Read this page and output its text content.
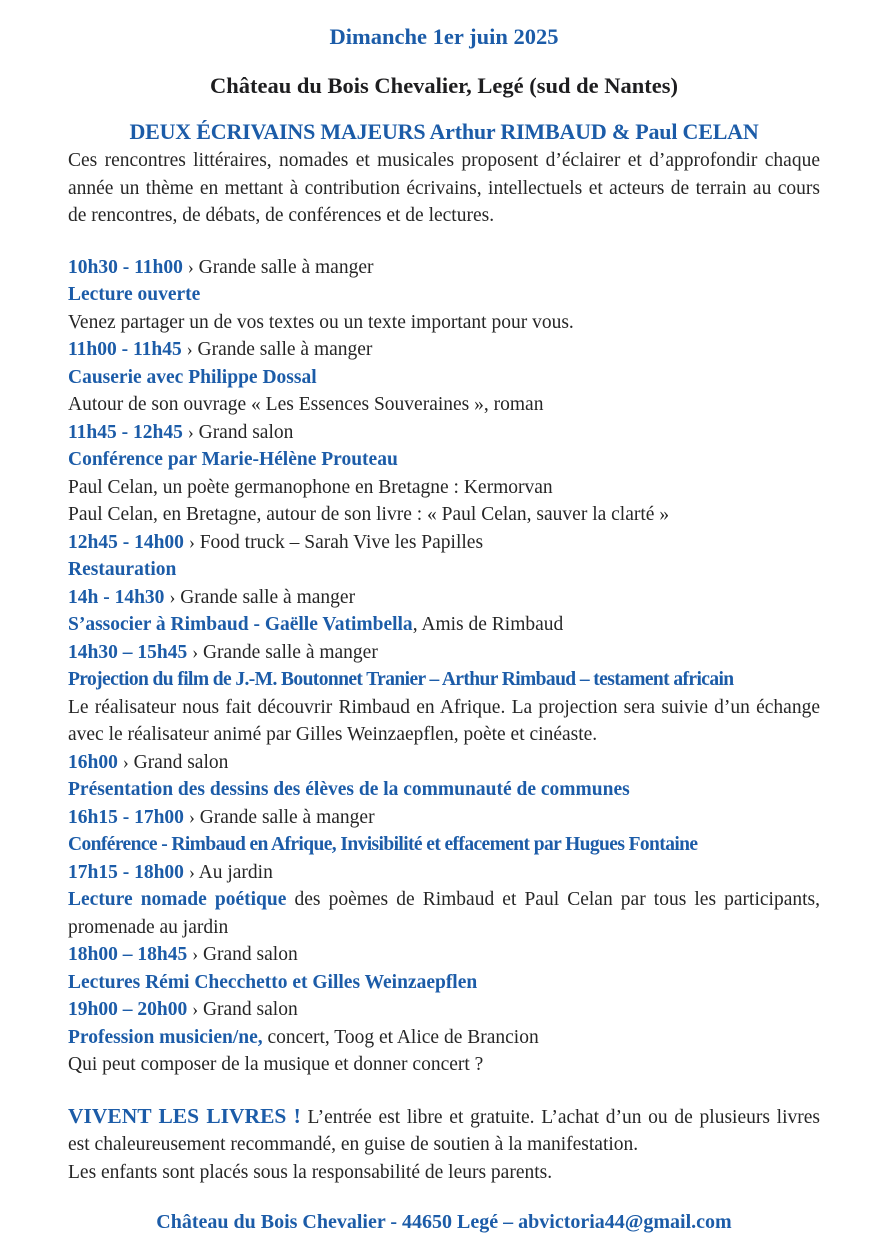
Dimanche 1er juin 2025
Château du Bois Chevalier, Legé (sud de Nantes)
DEUX ÉCRIVAINS MAJEURS Arthur RIMBAUD & Paul CELAN

Ces rencontres littéraires, nomades et musicales proposent d’éclairer et d’approfondir chaque année un thème en mettant à contribution écrivains, intellectuels et acteurs de terrain au cours de rencontres, de débats, de conférences et de lectures.

10h30 - 11h00 › Grande salle à manger

Lecture ouverte

Venez partager un de vos textes ou un texte important pour vous.

11h00 - 11h45 › Grande salle à manger

Causerie avec Philippe Dossal

Autour de son ouvrage « Les Essences Souveraines », roman

11h45 - 12h45 › Grand salon

Conférence par Marie-Hélène Prouteau

Paul Celan, un poète germanophone en Bretagne : Kermorvan

Paul Celan, en Bretagne, autour de son livre : « Paul Celan, sauver la clarté »

12h45 - 14h00 › Food truck – Sarah Vive les Papilles

Restauration

14h - 14h30 › Grande salle à manger

S’associer à Rimbaud - Gaëlle Vatimbella, Amis de Rimbaud

14h30 – 15h45 › Grande salle à manger

Projection du film de J.-M. Boutonnet Tranier – Arthur Rimbaud – testament africain

Le réalisateur nous fait découvrir Rimbaud en Afrique. La projection sera suivie d’un échange avec le réalisateur animé par Gilles Weinzaepflen, poète et cinéaste.

16h00 › Grand salon

Présentation des dessins des élèves de la communauté de communes

16h15 - 17h00 › Grande salle à manger

Conférence - Rimbaud en Afrique, Invisibilité et effacement par Hugues Fontaine

17h15 - 18h00 › Au jardin

Lecture nomade poétique des poèmes de Rimbaud et Paul Celan par tous les participants, promenade au jardin

18h00 – 18h45 › Grand salon

Lectures Rémi Checchetto et Gilles Weinzaepflen

19h00 – 20h00 › Grand salon

Profession musicien/ne, concert, Toog et Alice de Brancion

Qui peut composer de la musique et donner concert ?

VIVENT LES LIVRES ! L’entrée est libre et gratuite. L’achat d’un ou de plusieurs livres est chaleureusement recommandé, en guise de soutien à la manifestation.

Les enfants sont placés sous la responsabilité de leurs parents.

Château du Bois Chevalier - 44650 Legé – abvictoria44@gmail.com
